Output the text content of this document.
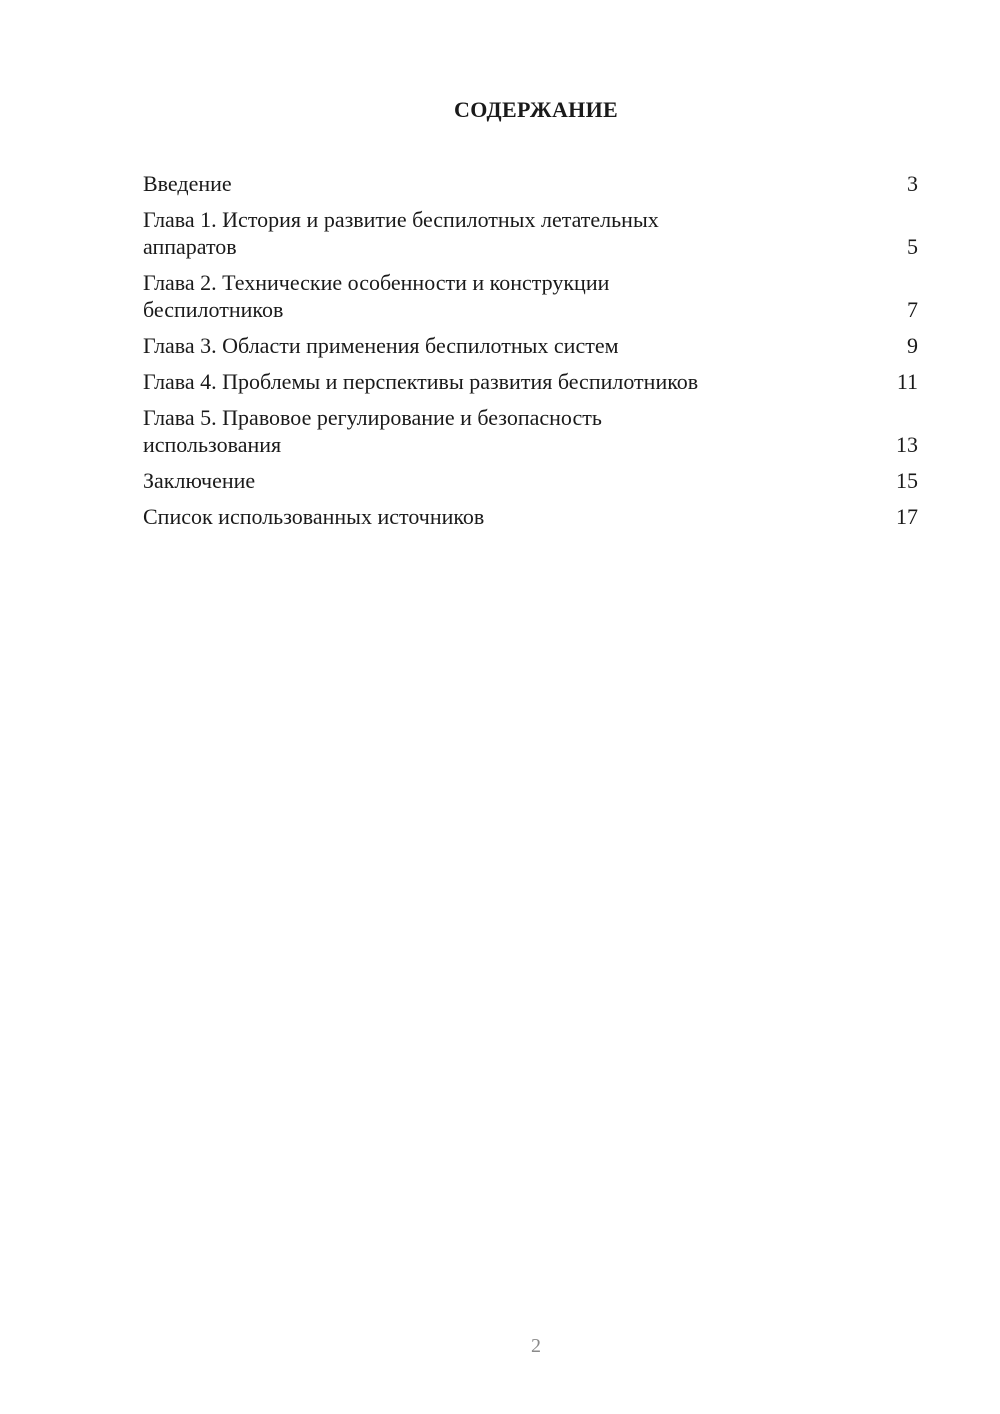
СОДЕРЖАНИЕ
Введение	3
Глава 1. История и развитие беспилотных летательных аппаратов	5
Глава 2. Технические особенности и конструкции беспилотников	7
Глава 3. Области применения беспилотных систем	9
Глава 4. Проблемы и перспективы развития беспилотников	11
Глава 5. Правовое регулирование и безопасность использования	13
Заключение	15
Список использованных источников	17
2
